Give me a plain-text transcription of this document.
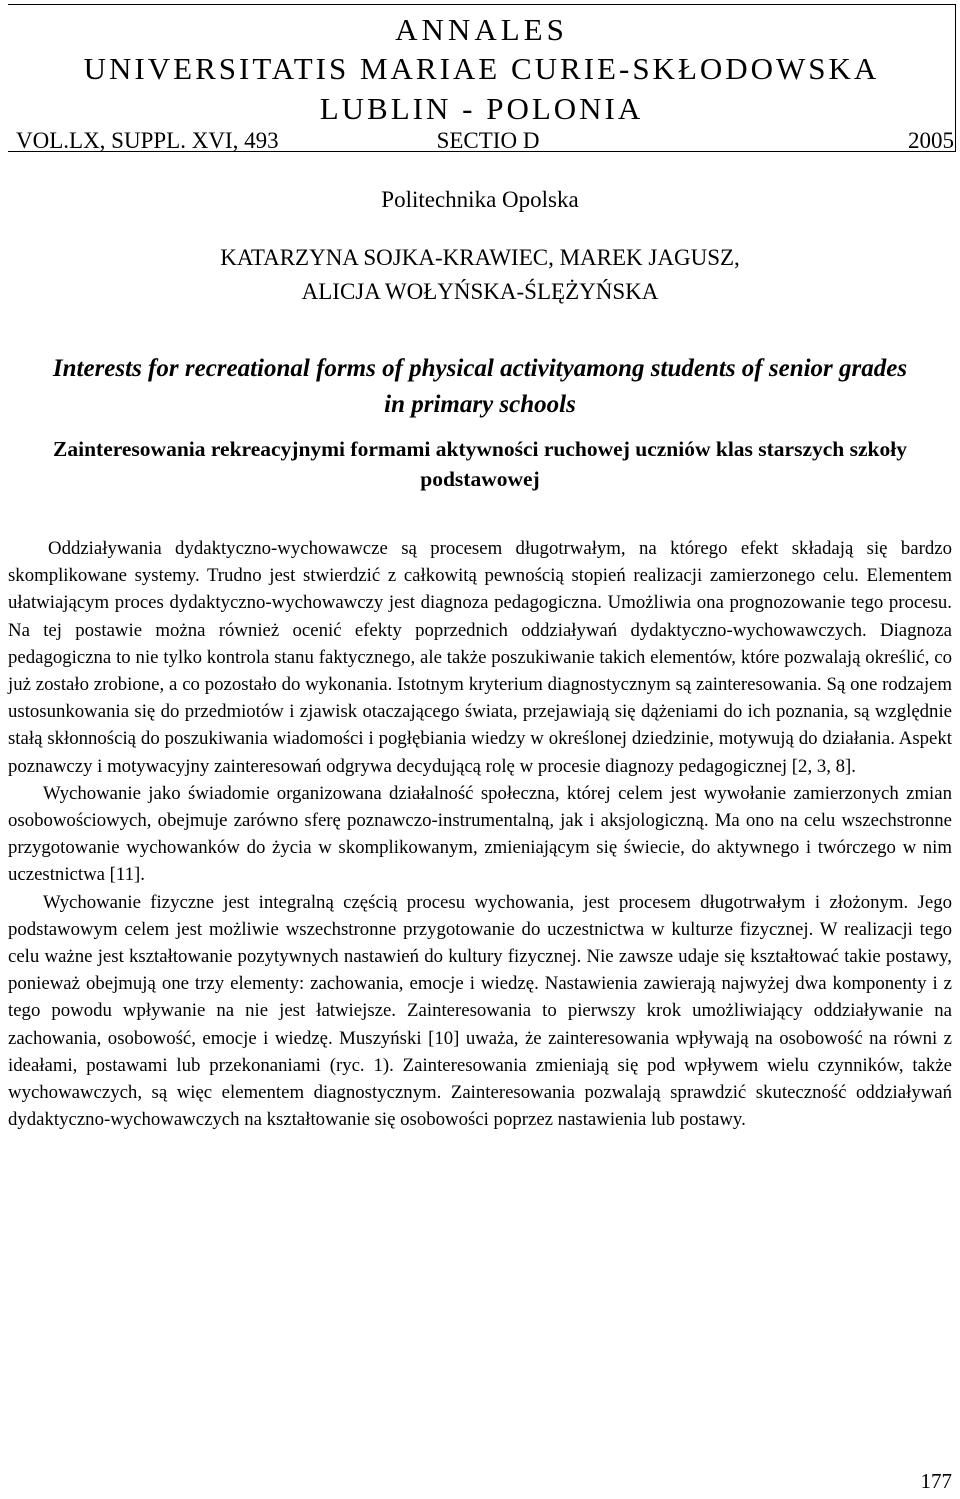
ANNALES
UNIVERSITATIS MARIAE CURIE-SKŁODOWSKA
LUBLIN - POLONIA
VOL.LX, SUPPL. XVI, 493	SECTIO D	2005
Politechnika Opolska
KATARZYNA SOJKA-KRAWIEC, MAREK JAGUSZ,
ALICJA WOŁYŃSKA-ŚLĘŻYŃSKA
Interests for recreational forms of physical activityamong students of senior grades in primary schools
Zainteresowania rekreacyjnymi formami aktywności ruchowej uczniów klas starszych szkoły podstawowej

Oddziaływania dydaktyczno-wychowawcze są procesem długotrwałym, na którego efekt składają się bardzo skomplikowane systemy. Trudno jest stwierdzić z całkowitą pewnością stopień realizacji zamierzonego celu. Elementem ułatwiającym proces dydaktyczno-wychowawczy jest diagnoza pedagogiczna. Umożliwia ona prognozowanie tego procesu. Na tej postawie można również ocenić efekty poprzednich oddziaływań dydaktyczno-wychowawczych. Diagnoza pedagogiczna to nie tylko kontrola stanu faktycznego, ale także poszukiwanie takich elementów, które pozwalają określić, co już zostało zrobione, a co pozostało do wykonania. Istotnym kryterium diagnostycznym są zainteresowania. Są one rodzajem ustosunkowania się do przedmiotów i zjawisk otaczającego świata, przejawiają się dążeniami do ich poznania, są względnie stałą skłonnością do poszukiwania wiadomości i pogłębiania wiedzy w określonej dziedzinie, motywują do działania. Aspekt poznawczy i motywacyjny zainteresowań odgrywa decydującą rolę w procesie diagnozy pedagogicznej [2, 3, 8].

Wychowanie jako świadomie organizowana działalność społeczna, której celem jest wywołanie zamierzonych zmian osobowościowych, obejmuje zarówno sferę poznawczo-instrumentalną, jak i aksjologiczną. Ma ono na celu wszechstronne przygotowanie wychowanków do życia w skomplikowanym, zmieniającym się świecie, do aktywnego i twórczego w nim uczestnictwa [11].

Wychowanie fizyczne jest integralną częścią procesu wychowania, jest procesem długotrwałym i złożonym. Jego podstawowym celem jest możliwie wszechstronne przygotowanie do uczestnictwa w kulturze fizycznej. W realizacji tego celu ważne jest kształtowanie pozytywnych nastawień do kultury fizycznej. Nie zawsze udaje się kształtować takie postawy, ponieważ obejmują one trzy elementy: zachowania, emocje i wiedzę. Nastawienia zawierają najwyżej dwa komponenty i z tego powodu wpływanie na nie jest łatwiejsze. Zainteresowania to pierwszy krok umożliwiający oddziaływanie na zachowania, osobowość, emocje i wiedzę. Muszyński [10] uważa, że zainteresowania wpływają na osobowość na równi z ideałami, postawami lub przekonaniami (ryc. 1). Zainteresowania zmieniają się pod wpływem wielu czynników, także wychowawczych, są więc elementem diagnostycznym. Zainteresowania pozwalają sprawdzić skuteczność oddziaływań dydaktyczno-wychowawczych na kształtowanie się osobowości poprzez nastawienia lub postawy.

177
